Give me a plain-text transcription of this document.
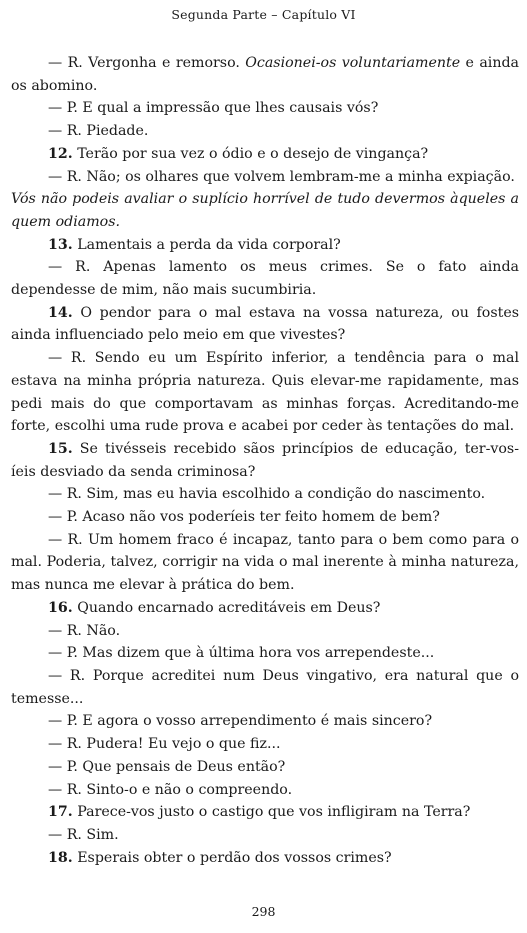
Segunda Parte – Capítulo VI

— R. Vergonha e remorso. Ocasionei-os voluntariamente e ainda os abomino.

— P. E qual a impressão que lhes causais vós?

— R. Piedade.

12. Terão por sua vez o ódio e o desejo de vingança?

— R. Não; os olhares que volvem lembram-me a minha expiação.

Vós não podeis avaliar o suplício horrível de tudo devermos àqueles a quem odiamos.

13. Lamentais a perda da vida corporal?

— R. Apenas lamento os meus crimes. Se o fato ainda dependesse de mim, não mais sucumbiria.

14. O pendor para o mal estava na vossa natureza, ou fostes ainda influenciado pelo meio em que vivestes?

— R. Sendo eu um Espírito inferior, a tendência para o mal estava na minha própria natureza. Quis elevar-me rapidamente, mas pedi mais do que comportavam as minhas forças. Acreditando-me forte, escolhi uma rude prova e acabei por ceder às tentações do mal.

15. Se tivésseis recebido sãos princípios de educação, ter-vos-íeis desviado da senda criminosa?

— R. Sim, mas eu havia escolhido a condição do nascimento.

— P. Acaso não vos poderíeis ter feito homem de bem?

— R. Um homem fraco é incapaz, tanto para o bem como para o mal. Poderia, talvez, corrigir na vida o mal inerente à minha natureza, mas nunca me elevar à prática do bem.

16. Quando encarnado acreditáveis em Deus?

— R. Não.

— P. Mas dizem que à última hora vos arrependeste...

— R. Porque acreditei num Deus vingativo, era natural que o temesse...

— P. E agora o vosso arrependimento é mais sincero?

— R. Pudera! Eu vejo o que fiz...

— P. Que pensais de Deus então?

— R. Sinto-o e não o compreendo.

17. Parece-vos justo o castigo que vos infligiram na Terra?

— R. Sim.

18. Esperais obter o perdão dos vossos crimes?

298
